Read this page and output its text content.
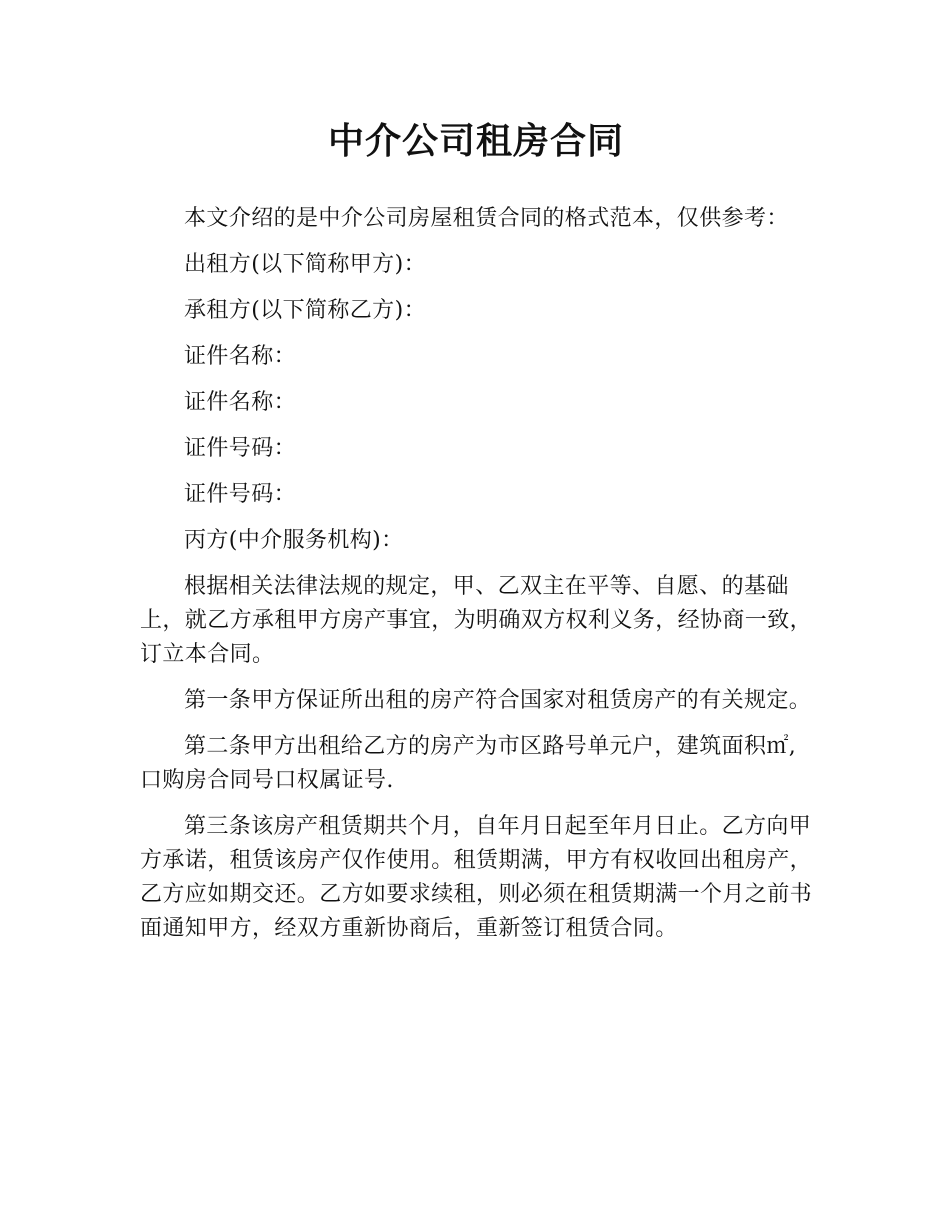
中介公司租房合同

本文介绍的是中介公司房屋租赁合同的格式范本，仅供参考：

出租方(以下简称甲方)：

承租方(以下简称乙方)：

证件名称：

证件名称：

证件号码：

证件号码：

丙方(中介服务机构)：

根据相关法律法规的规定，甲、乙双主在平等、自愿、的基础上，就乙方承租甲方房产事宜，为明确双方权利义务，经协商一致，订立本合同。

第一条甲方保证所出租的房产符合国家对租赁房产的有关规定。

第二条甲方出租给乙方的房产为市区路号单元户，建筑面积㎡,口购房合同号口权属证号.

第三条该房产租赁期共个月，自年月日起至年月日止。乙方向甲方承诺，租赁该房产仅作使用。租赁期满，甲方有权收回出租房产，乙方应如期交还。乙方如要求续租，则必须在租赁期满一个月之前书面通知甲方，经双方重新协商后，重新签订租赁合同。
